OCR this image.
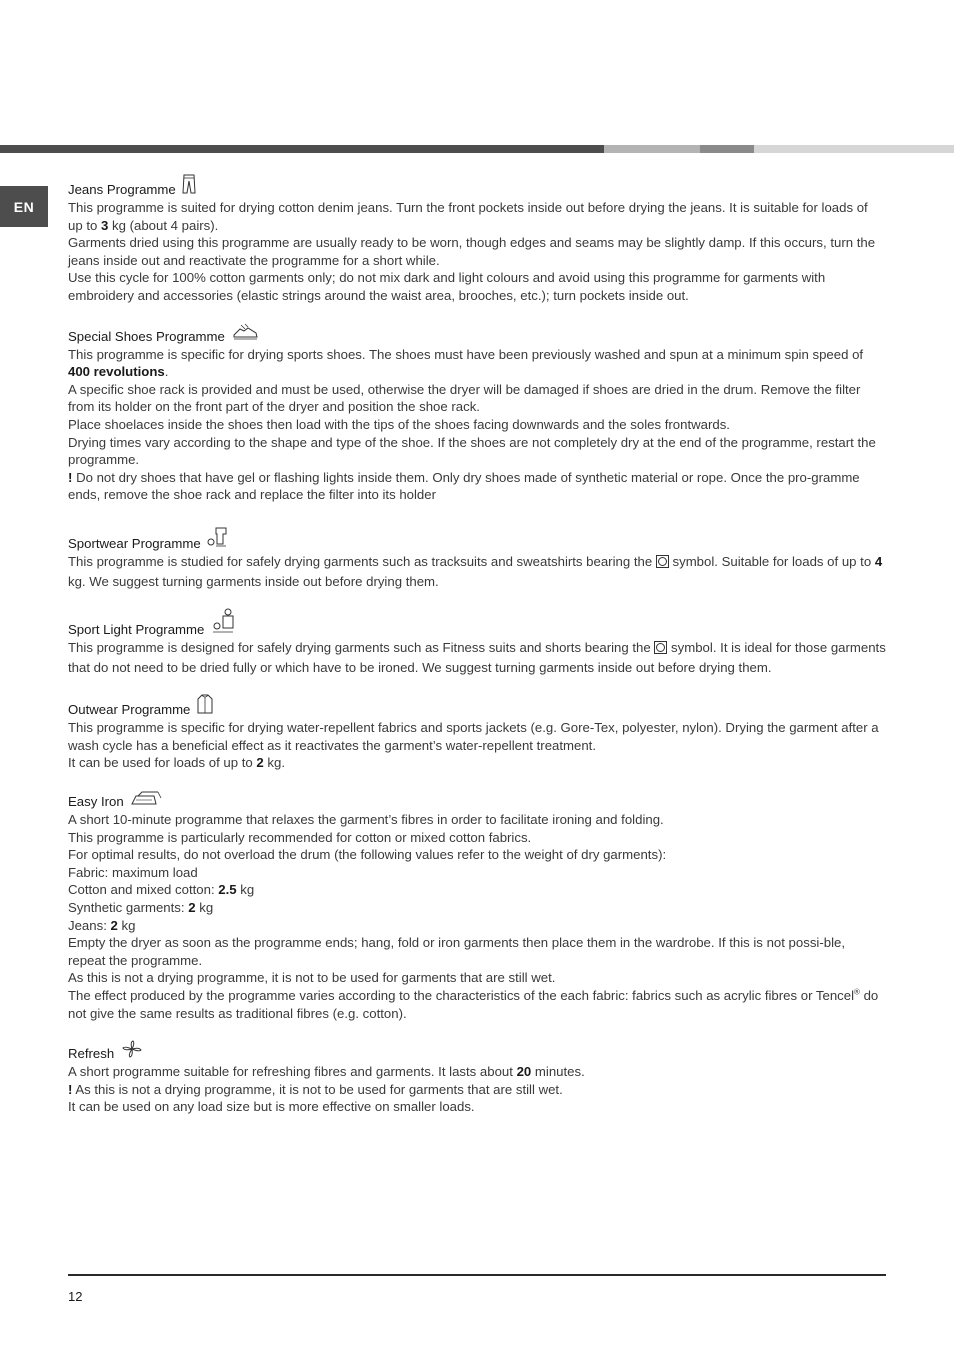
EN
Jeans Programme

This programme is suited for drying cotton denim jeans. Turn the front pockets inside out before drying the jeans. It is suitable for loads of up to 3 kg (about 4 pairs).

Garments dried using this programme are usually ready to be worn, though edges and seams may be slightly damp. If this occurs, turn the jeans inside out and reactivate the programme for a short while.

Use this cycle for 100% cotton garments only; do not mix dark and light colours and avoid using this programme for garments with embroidery and accessories (elastic strings around the waist area, brooches, etc.); turn pockets inside out.

Special Shoes Programme

This programme is specific for drying sports shoes. The shoes must have been previously washed and spun at a minimum spin speed of 400 revolutions.

A specific shoe rack is provided and must be used, otherwise the dryer will be damaged if shoes are dried in the drum. Remove the filter from its holder on the front part of the dryer and position the shoe rack.

Place shoelaces inside the shoes then load with the tips of the shoes facing downwards and the soles frontwards.

Drying times vary according to the shape and type of the shoe. If the shoes are not completely dry at the end of the programme, restart the programme.

! Do not dry shoes that have gel or flashing lights inside them. Only dry shoes made of synthetic material or rope. Once the pro-gramme ends, remove the shoe rack and replace the filter into its holder

Sportwear Programme

This programme is studied for safely drying garments such as tracksuits and sweatshirts bearing the  symbol. Suitable for loads of up to 4 kg. We suggest turning garments inside out before drying them.

Sport Light Programme

This programme is designed for safely drying garments such as Fitness suits and shorts bearing the  symbol. It is ideal for those garments that do not need to be dried fully or which have to be ironed. We suggest turning garments inside out before drying them.

Outwear Programme

This programme is specific for drying water-repellent fabrics and sports jackets (e.g. Gore-Tex, polyester, nylon). Drying the garment after a wash cycle has a beneficial effect as it reactivates the garment’s water-repellent treatment.

It can be used for loads of up to 2 kg.

Easy Iron

A short 10-minute programme that relaxes the garment’s fibres in order to facilitate ironing and folding.

This programme is particularly recommended for cotton or mixed cotton fabrics.

For optimal results, do not overload the drum (the following values refer to the weight of dry garments):

Fabric: maximum load

Cotton and mixed cotton: 2.5 kg

Synthetic garments: 2 kg

Jeans: 2 kg

Empty the dryer as soon as the programme ends; hang, fold or iron garments then place them in the wardrobe. If this is not possi-ble, repeat the programme.

As this is not a drying programme, it is not to be used for garments that are still wet.

The effect produced by the programme varies according to the characteristics of the each fabric: fabrics such as acrylic fibres or Tencel® do not give the same results as traditional fibres (e.g. cotton).

Refresh

A short programme suitable for refreshing fibres and garments. It lasts about 20 minutes.

! As this is not a drying programme, it is not to be used for garments that are still wet.

It can be used on any load size but is more effective on smaller loads.

12
